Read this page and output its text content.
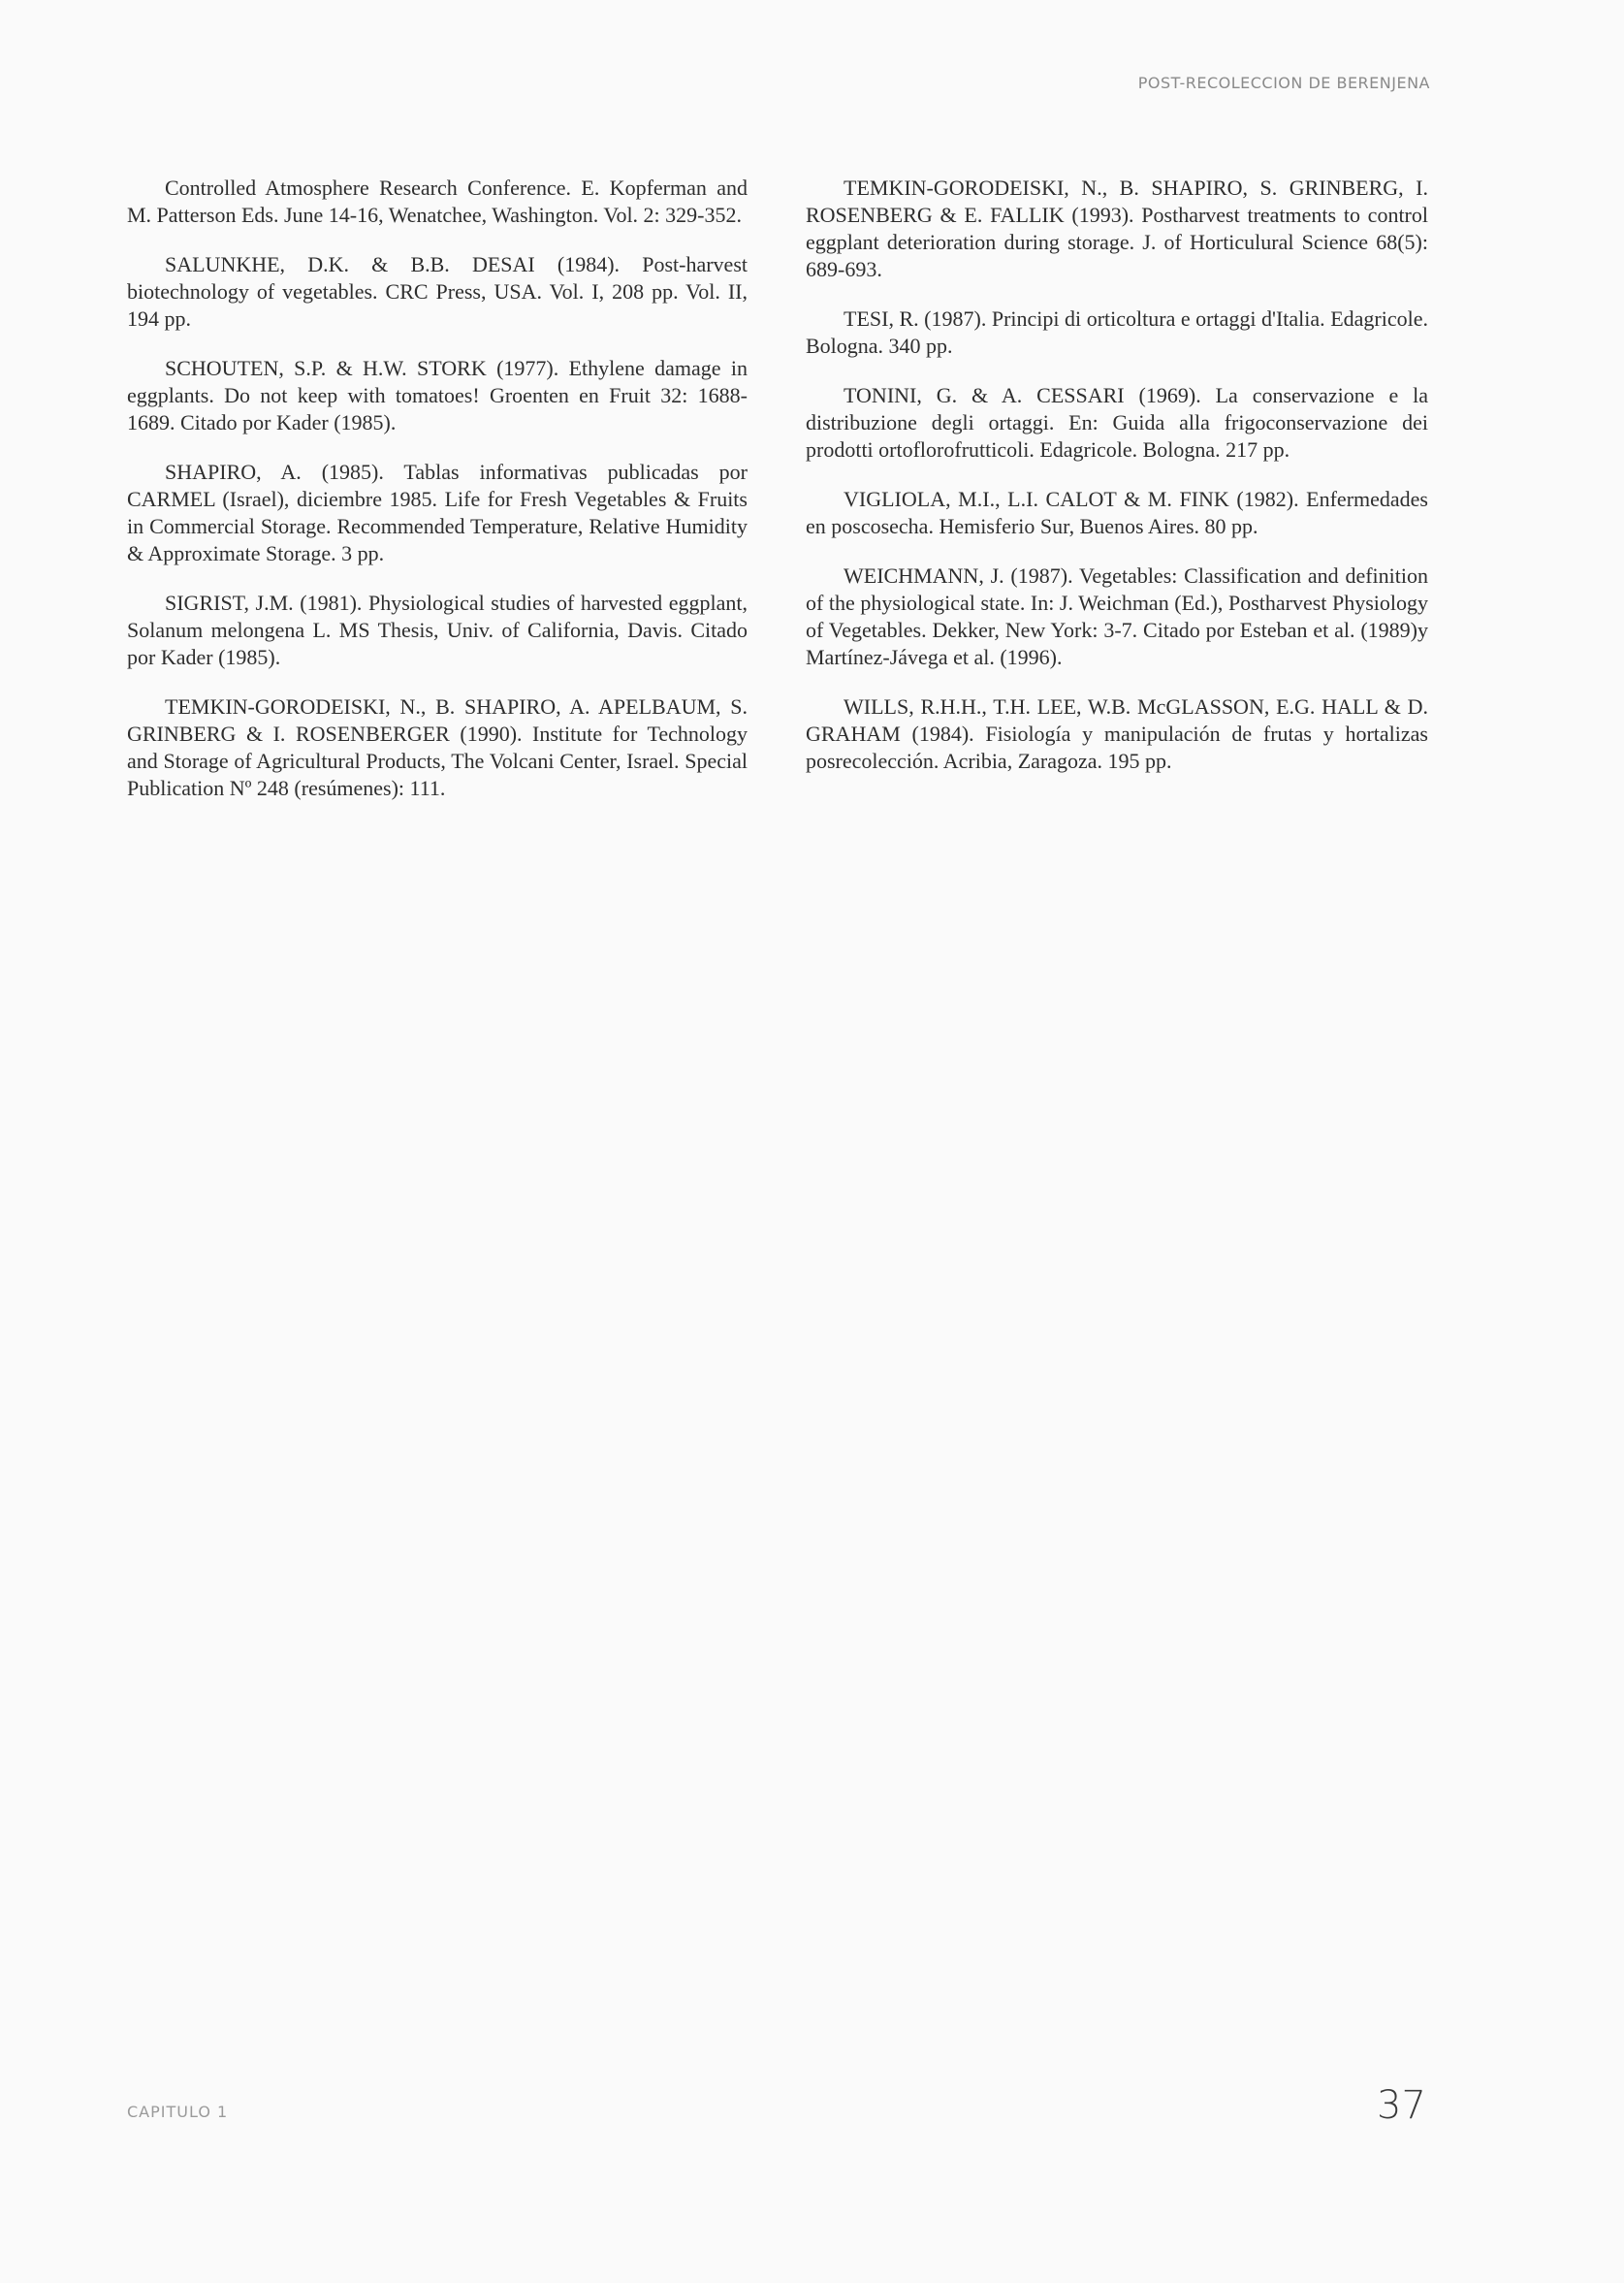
POST-RECOLECCION DE BERENJENA

Controlled Atmosphere Research Conference. E. Kopferman and M. Patterson Eds. June 14-16, Wenatchee, Washington. Vol. 2: 329-352.

SALUNKHE, D.K. & B.B. DESAI (1984). Post-harvest biotechnology of vegetables. CRC Press, USA. Vol. I, 208 pp. Vol. II, 194 pp.

SCHOUTEN, S.P. & H.W. STORK (1977). Ethylene damage in eggplants. Do not keep with tomatoes! Groenten en Fruit 32: 1688-1689. Citado por Kader (1985).

SHAPIRO, A. (1985). Tablas informativas publicadas por CARMEL (Israel), diciembre 1985. Life for Fresh Vegetables & Fruits in Commercial Storage. Recommended Temperature, Relative Humidity & Approximate Storage. 3 pp.

SIGRIST, J.M. (1981). Physiological studies of harvested eggplant, Solanum melongena L. MS Thesis, Univ. of California, Davis. Citado por Kader (1985).

TEMKIN-GORODEISKI, N., B. SHAPIRO, A. APELBAUM, S. GRINBERG & I. ROSENBERGER (1990). Institute for Technology and Storage of Agricultural Products, The Volcani Center, Israel. Special Publication Nº 248 (resúmenes): 111.

TEMKIN-GORODEISKI, N., B. SHAPIRO, S. GRINBERG, I. ROSENBERG & E. FALLIK (1993). Postharvest treatments to control eggplant deterioration during storage. J. of Horticulural Science 68(5): 689-693.

TESI, R. (1987). Principi di orticoltura e ortaggi d'Italia. Edagricole. Bologna. 340 pp.

TONINI, G. & A. CESSARI (1969). La conservazione e la distribuzione degli ortaggi. En: Guida alla frigoconservazione dei prodotti ortoflorofrutticoli. Edagricole. Bologna. 217 pp.

VIGLIOLA, M.I., L.I. CALOT & M. FINK (1982). Enfermedades en poscosecha. Hemisferio Sur, Buenos Aires. 80 pp.

WEICHMANN, J. (1987). Vegetables: Classification and definition of the physiological state. In: J. Weichman (Ed.), Postharvest Physiology of Vegetables. Dekker, New York: 3-7. Citado por Esteban et al. (1989)y Martínez-Jávega et al. (1996).

WILLS, R.H.H., T.H. LEE, W.B. McGLASSON, E.G. HALL & D. GRAHAM (1984). Fisiología y manipulación de frutas y hortalizas posrecolección. Acribia, Zaragoza. 195 pp.

CAPITULO 1	37
